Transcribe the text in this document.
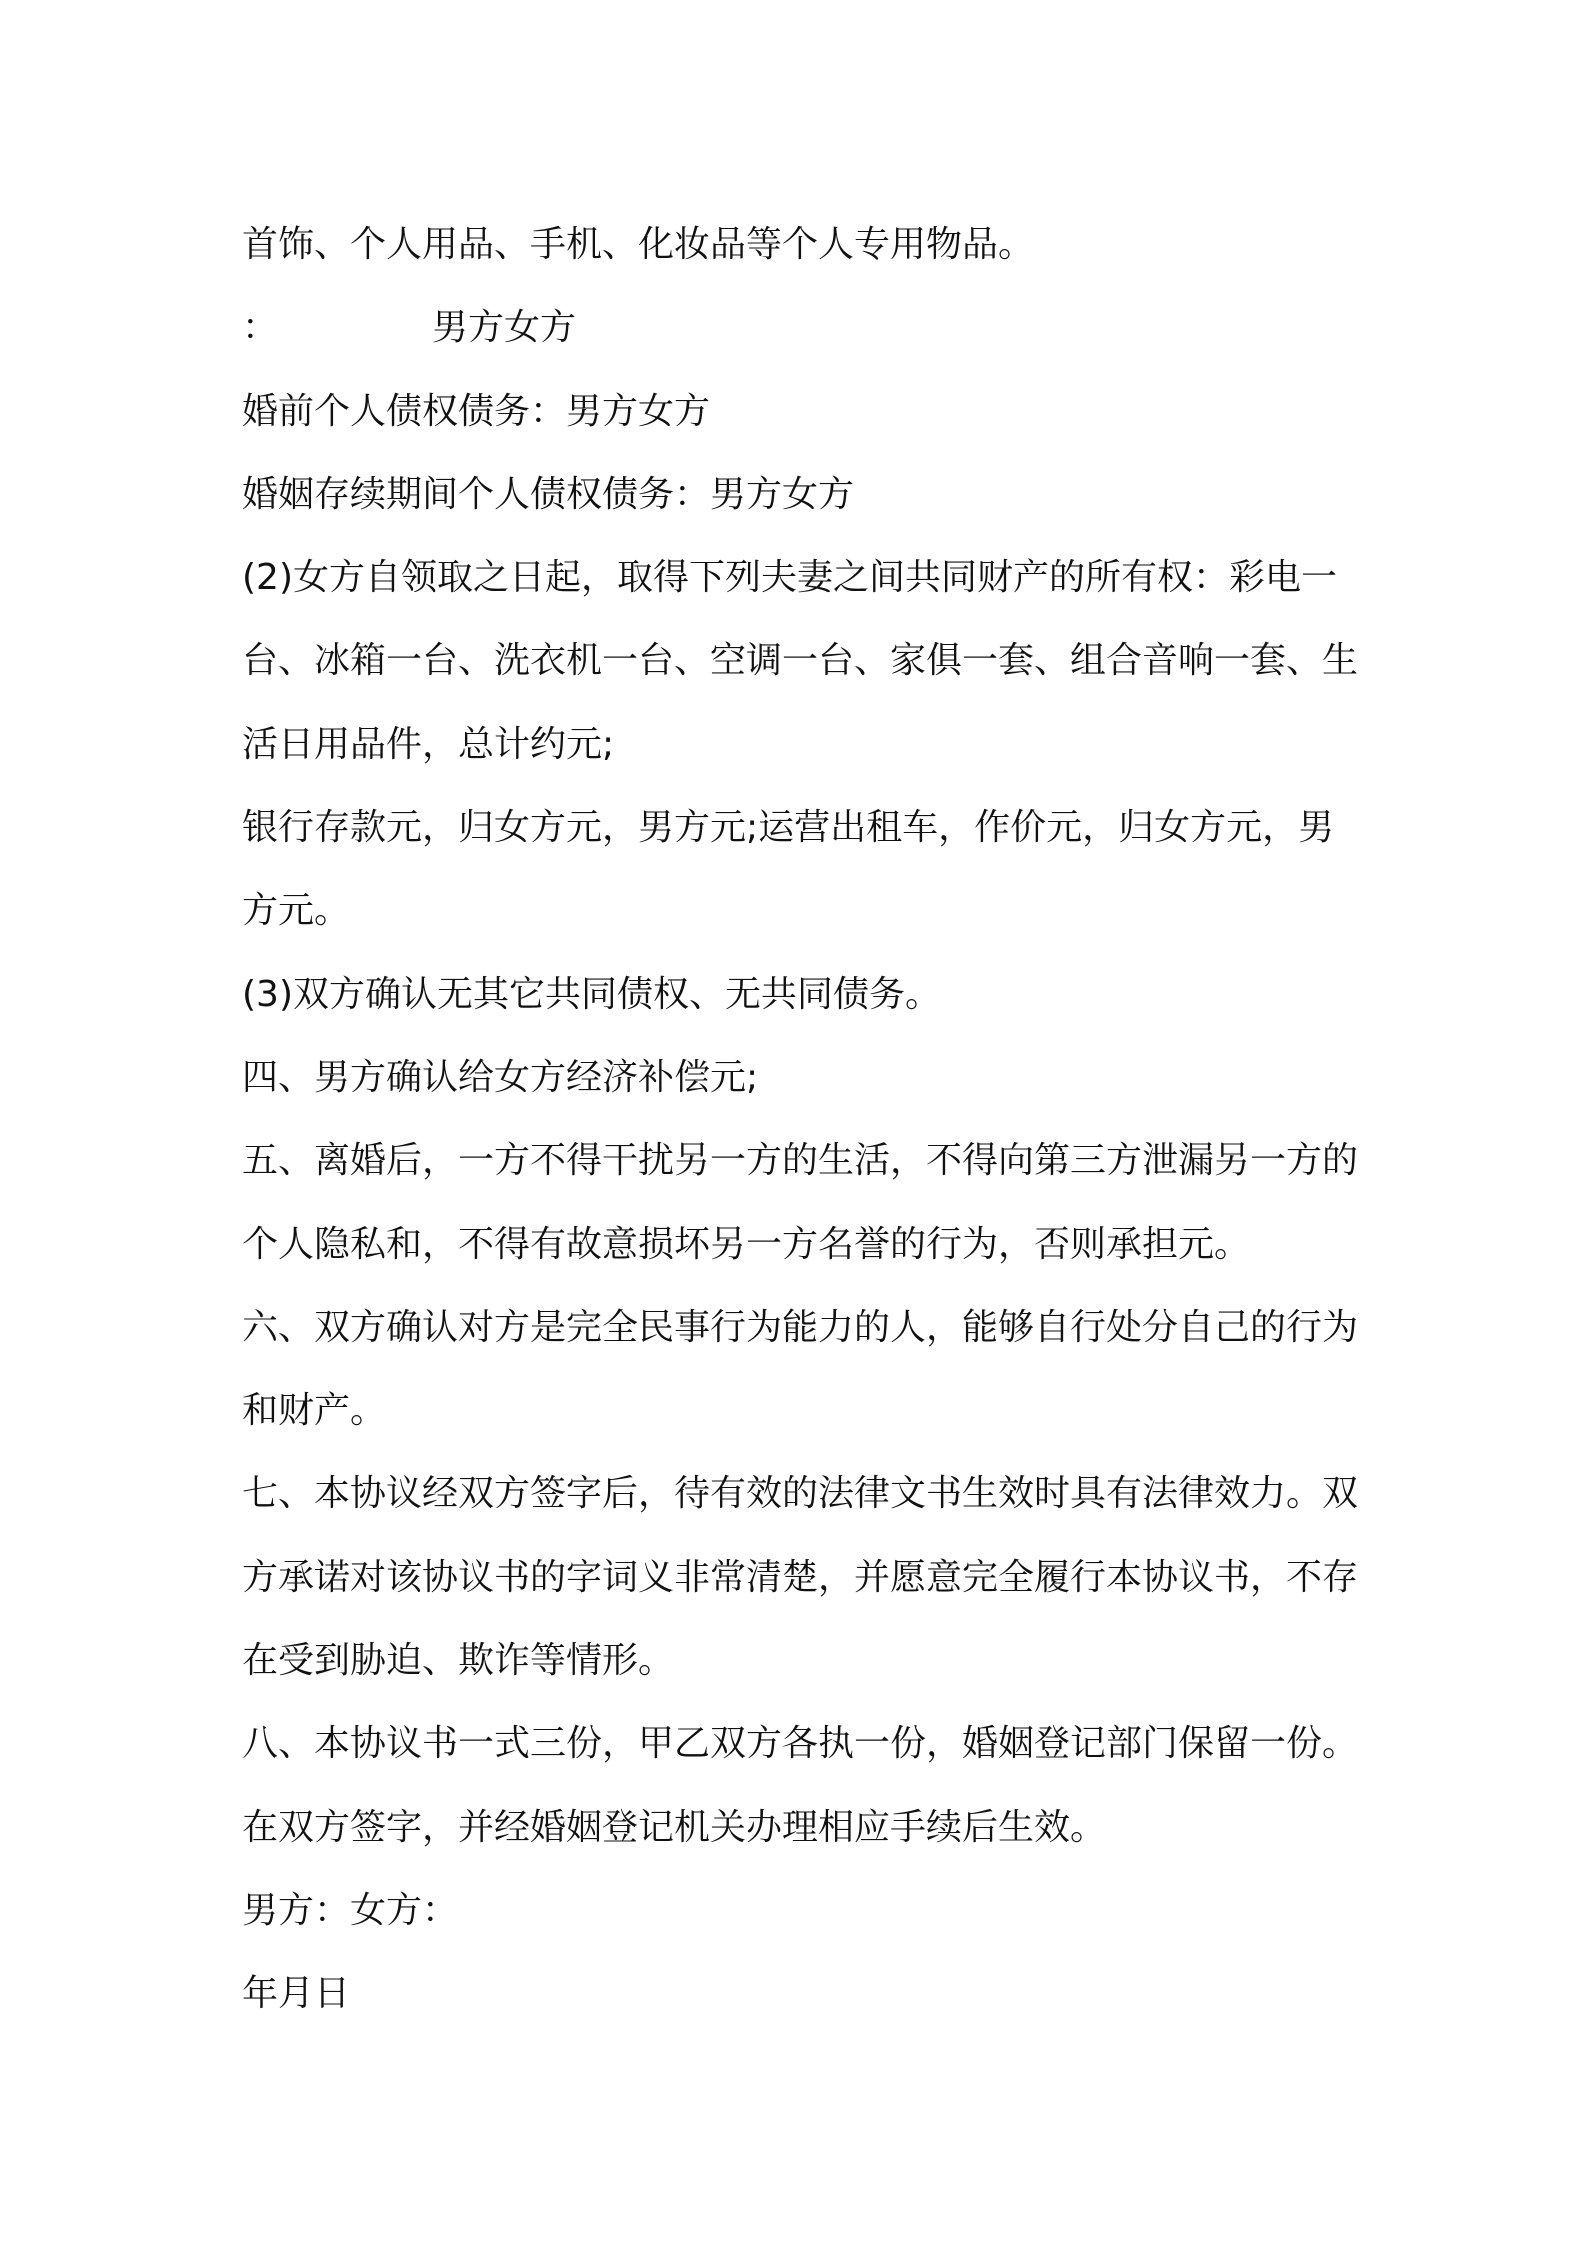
首饰、个人用品、手机、化妆品等个人专用物品。

：	男方女方

婚前个人债权债务：男方女方

婚姻存续期间个人债权债务：男方女方

(2)女方自领取之日起，取得下列夫妻之间共同财产的所有权：彩电一台、冰箱一台、洗衣机一台、空调一台、家俱一套、组合音响一套、生活日用品件，总计约元;

银行存款元，归女方元，男方元;运营出租车，作价元，归女方元，男方元。

(3)双方确认无其它共同债权、无共同债务。

四、男方确认给女方经济补偿元;

五、离婚后，一方不得干扰另一方的生活，不得向第三方泄漏另一方的个人隐私和，不得有故意损坏另一方名誉的行为，否则承担元。

六、双方确认对方是完全民事行为能力的人，能够自行处分自己的行为和财产。

七、本协议经双方签字后，待有效的法律文书生效时具有法律效力。双方承诺对该协议书的字词义非常清楚，并愿意完全履行本协议书，不存在受到胁迫、欺诈等情形。

八、本协议书一式三份，甲乙双方各执一份，婚姻登记部门保留一份。在双方签字，并经婚姻登记机关办理相应手续后生效。

男方：女方：

年月日
